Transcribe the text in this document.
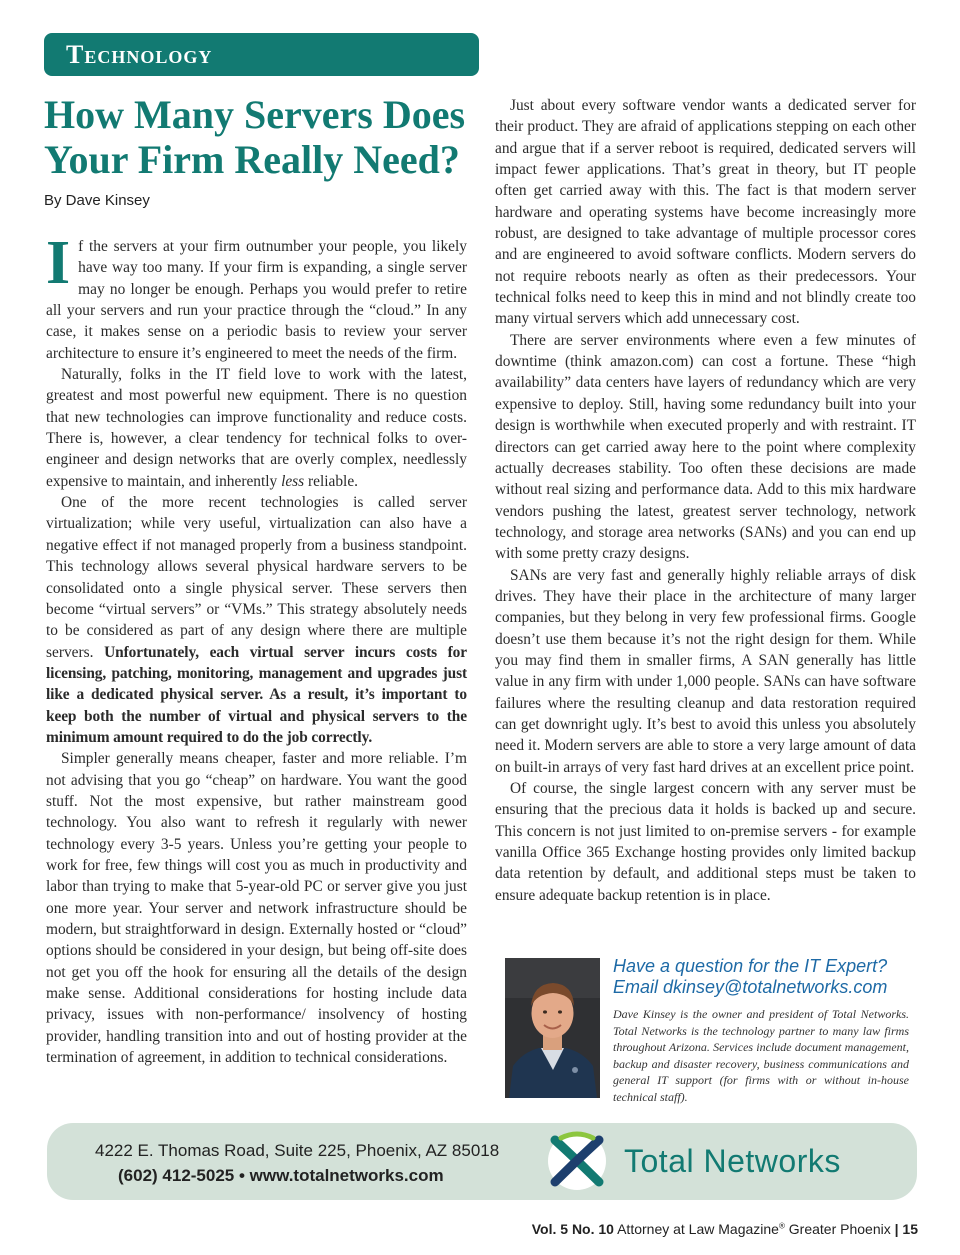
Technology
How Many Servers Does Your Firm Really Need?
By Dave Kinsey

If the servers at your firm outnumber your people, you likely have way too many. If your firm is expanding, a single server may no longer be enough. Perhaps you would prefer to retire all your servers and run your practice through the “cloud.” In any case, it makes sense on a periodic basis to review your server architecture to ensure it’s engineered to meet the needs of the firm.

Naturally, folks in the IT field love to work with the latest, greatest and most powerful new equipment. There is no question that new technologies can improve functionality and reduce costs. There is, however, a clear tendency for technical folks to over-engineer and design networks that are overly complex, needlessly expensive to maintain, and inherently less reliable.

One of the more recent technologies is called server virtualization; while very useful, virtualization can also have a negative effect if not managed properly from a business standpoint. This technology allows several physical hardware servers to be consolidated onto a single physical server. These servers then become “virtual servers” or “VMs.” This strategy absolutely needs to be considered as part of any design where there are multiple servers. Unfortunately, each virtual server incurs costs for licensing, patching, monitoring, management and upgrades just like a dedicated physical server. As a result, it’s important to keep both the number of virtual and physical servers to the minimum amount required to do the job correctly.

Simpler generally means cheaper, faster and more reliable. I’m not advising that you go “cheap” on hardware. You want the good stuff. Not the most expensive, but rather mainstream good technology. You also want to refresh it regularly with newer technology every 3-5 years. Unless you’re getting your people to work for free, few things will cost you as much in productivity and labor than trying to make that 5-year-old PC or server give you just one more year. Your server and network infrastructure should be modern, but straightforward in design. Externally hosted or “cloud” options should be considered in your design, but being off-site does not get you off the hook for ensuring all the details of the design make sense. Additional considerations for hosting include data privacy, issues with non-performance/ insolvency of hosting provider, handling transition into and out of hosting provider at the termination of agreement, in addition to technical considerations.

Just about every software vendor wants a dedicated server for their product. They are afraid of applications stepping on each other and argue that if a server reboot is required, dedicated servers will impact fewer applications. That’s great in theory, but IT people often get carried away with this. The fact is that modern server hardware and operating systems have become increasingly more robust, are designed to take advantage of multiple processor cores and are engineered to avoid software conflicts. Modern servers do not require reboots nearly as often as their predecessors. Your technical folks need to keep this in mind and not blindly create too many virtual servers which add unnecessary cost.

There are server environments where even a few minutes of downtime (think amazon.com) can cost a fortune. These “high availability” data centers have layers of redundancy which are very expensive to deploy. Still, having some redundancy built into your design is worthwhile when executed properly and with restraint. IT directors can get carried away here to the point where complexity actually decreases stability. Too often these decisions are made without real sizing and performance data. Add to this mix hardware vendors pushing the latest, greatest server technology, network technology, and storage area networks (SANs) and you can end up with some pretty crazy designs.

SANs are very fast and generally highly reliable arrays of disk drives. They have their place in the architecture of many larger companies, but they belong in very few professional firms. Google doesn’t use them because it’s not the right design for them. While you may find them in smaller firms, A SAN generally has little value in any firm with under 1,000 people. SANs can have software failures where the resulting cleanup and data restoration required can get downright ugly. It’s best to avoid this unless you absolutely need it. Modern servers are able to store a very large amount of data on built-in arrays of very fast hard drives at an excellent price point.

Of course, the single largest concern with any server must be ensuring that the precious data it holds is backed up and secure. This concern is not just limited to on-premise servers - for example vanilla Office 365 Exchange hosting provides only limited backup data retention by default, and additional steps must be taken to ensure adequate backup retention is in place.

Have a question for the IT Expert?
Email dkinsey@totalnetworks.com
Dave Kinsey is the owner and president of Total Networks. Total Networks is the technology partner to many law firms throughout Arizona. Services include document management, backup and disaster recovery, business communications and general IT support (for firms with or without in-house technical staff).
4222 E. Thomas Road, Suite 225, Phoenix, AZ 85018
(602) 412-5025 • www.totalnetworks.com	Total Networks
Vol. 5 No. 10 Attorney at Law Magazine® Greater Phoenix | 15
